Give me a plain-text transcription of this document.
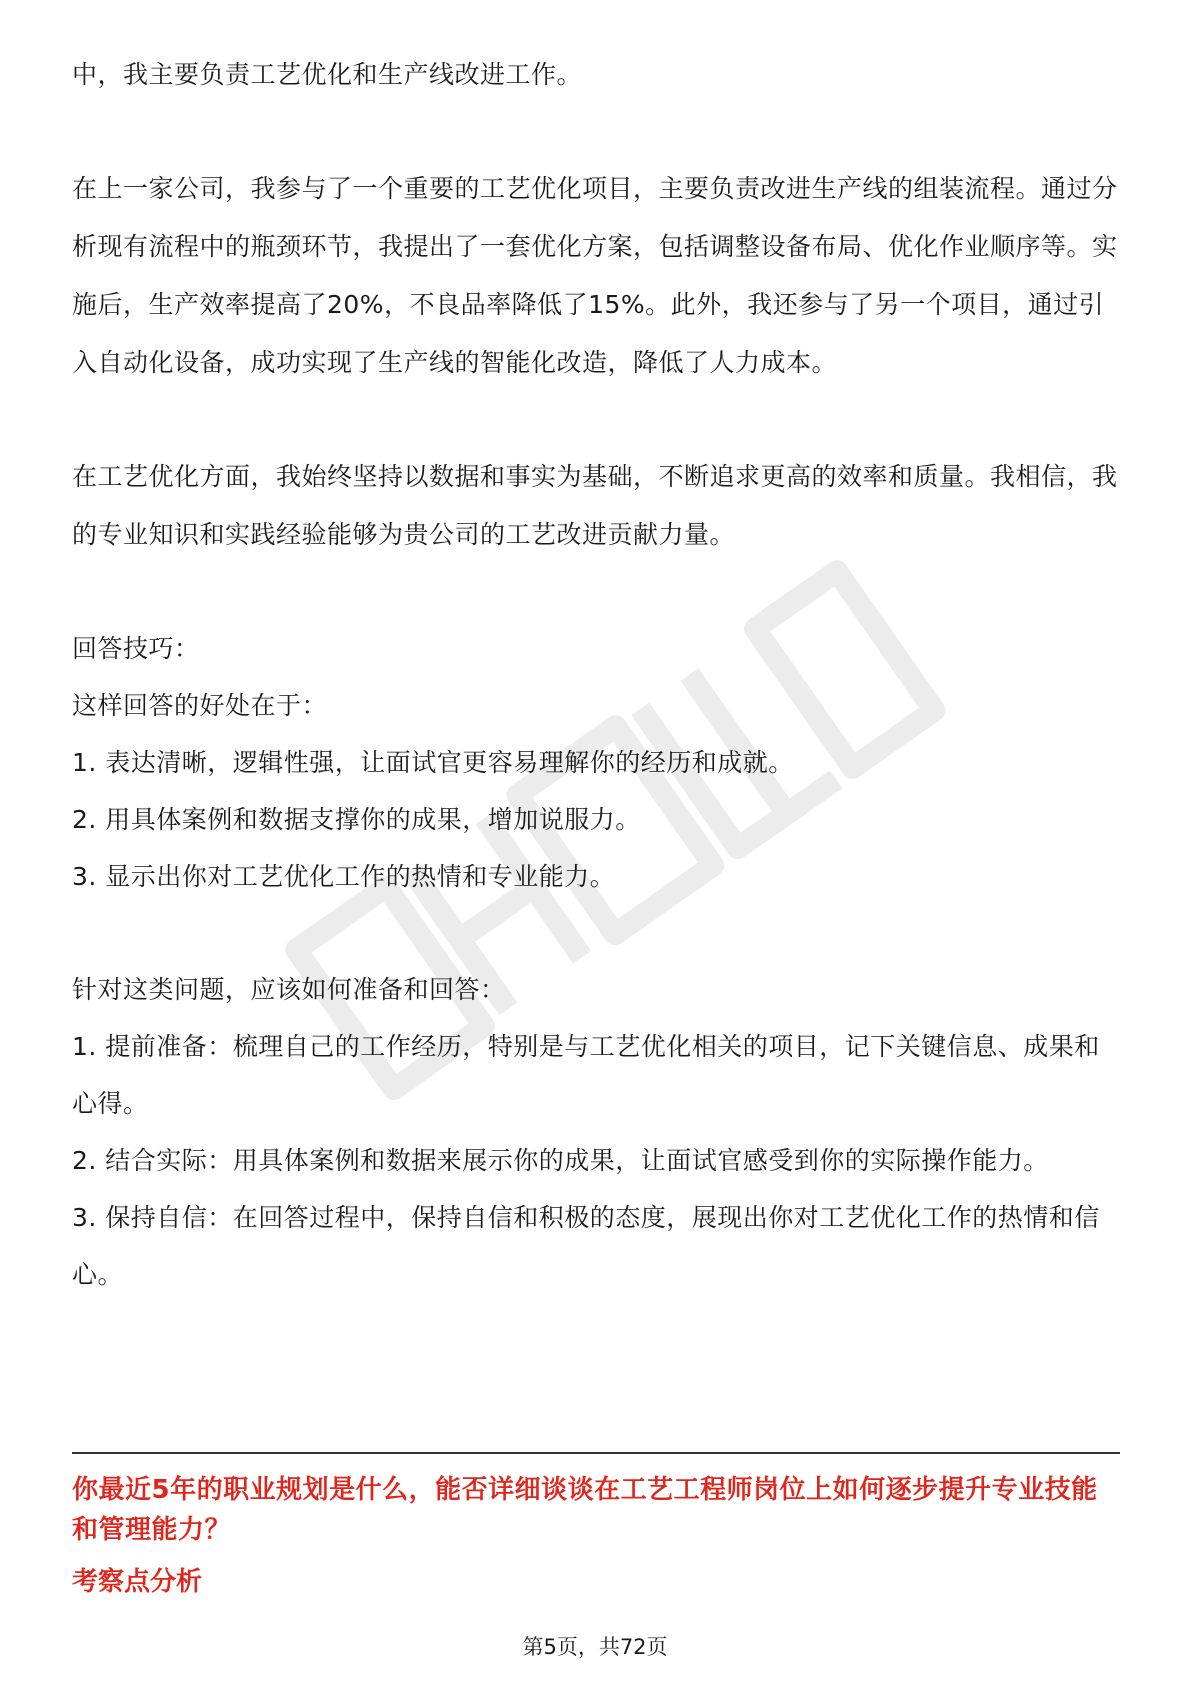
中，我主要负责工艺优化和生产线改进工作。

在上一家公司，我参与了一个重要的工艺优化项目，主要负责改进生产线的组装流程。通过分析现有流程中的瓶颈环节，我提出了一套优化方案，包括调整设备布局、优化作业顺序等。实施后，生产效率提高了20%，不良品率降低了15%。此外，我还参与了另一个项目，通过引入自动化设备，成功实现了生产线的智能化改造，降低了人力成本。

在工艺优化方面，我始终坚持以数据和事实为基础，不断追求更高的效率和质量。我相信，我的专业知识和实践经验能够为贵公司的工艺改进贡献力量。

回答技巧：

这样回答的好处在于：

1. 表达清晰，逻辑性强，让面试官更容易理解你的经历和成就。

2. 用具体案例和数据支撑你的成果，增加说服力。

3. 显示出你对工艺优化工作的热情和专业能力。

针对这类问题，应该如何准备和回答：

1. 提前准备：梳理自己的工作经历，特别是与工艺优化相关的项目，记下关键信息、成果和心得。

2. 结合实际：用具体案例和数据来展示你的成果，让面试官感受到你的实际操作能力。

3. 保持自信：在回答过程中，保持自信和积极的态度，展现出你对工艺优化工作的热情和信心。

你最近5年的职业规划是什么，能否详细谈谈在工艺工程师岗位上如何逐步提升专业技能和管理能力？

考察点分析

第5页，共72页
